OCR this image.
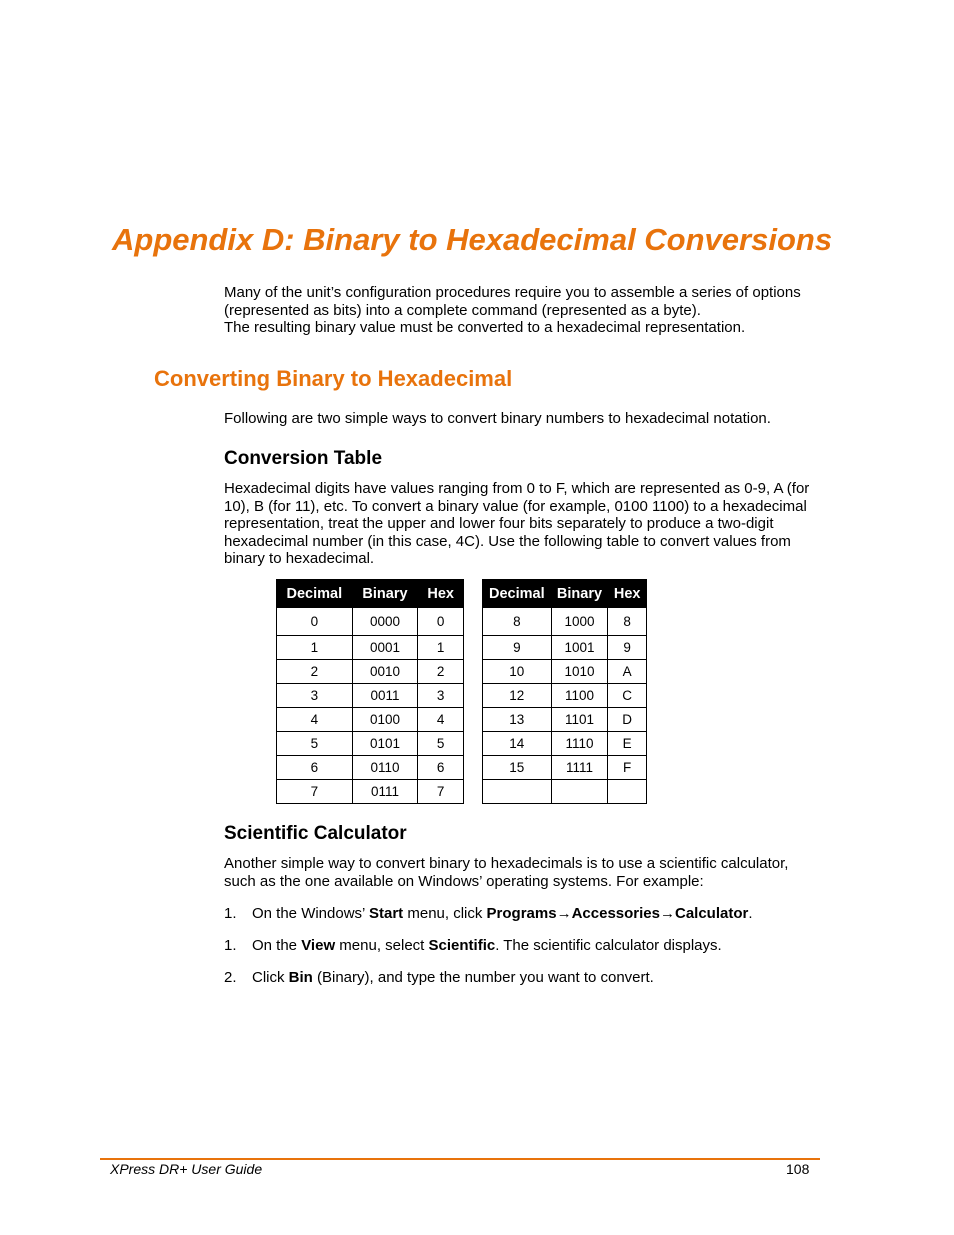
Appendix D: Binary to Hexadecimal Conversions
Many of the unit’s configuration procedures require you to assemble a series of options
(represented as bits) into a complete command (represented as a byte).
The resulting binary value must be converted to a hexadecimal representation.
Converting Binary to Hexadecimal
Following are two simple ways to convert binary numbers to hexadecimal notation.
Conversion Table
Hexadecimal digits have values ranging from 0 to F, which are represented as 0-9, A (for
10), B (for 11), etc. To convert a binary value (for example, 0100 1100) to a hexadecimal
representation, treat the upper and lower four bits separately to produce a two-digit
hexadecimal number (in this case, 4C). Use the following table to convert values from
binary to hexadecimal.
Decimal	Binary	Hex
0	0000	0
1	0001	1
2	0010	2
3	0011	3
4	0100	4
5	0101	5
6	0110	6
7	0111	7
Decimal	Binary	Hex
8	1000	8
9	1001	9
10	1010	A
12	1100	C
13	1101	D
14	1110	E
15	1111	F

Scientific Calculator
Another simple way to convert binary to hexadecimals is to use a scientific calculator,
such as the one available on Windows’ operating systems. For example:
1. On the Windows’ Start menu, click Programs→Accessories→Calculator.
1. On the View menu, select Scientific. The scientific calculator displays.
2. Click Bin (Binary), and type the number you want to convert.
XPress DR+ User Guide	108
